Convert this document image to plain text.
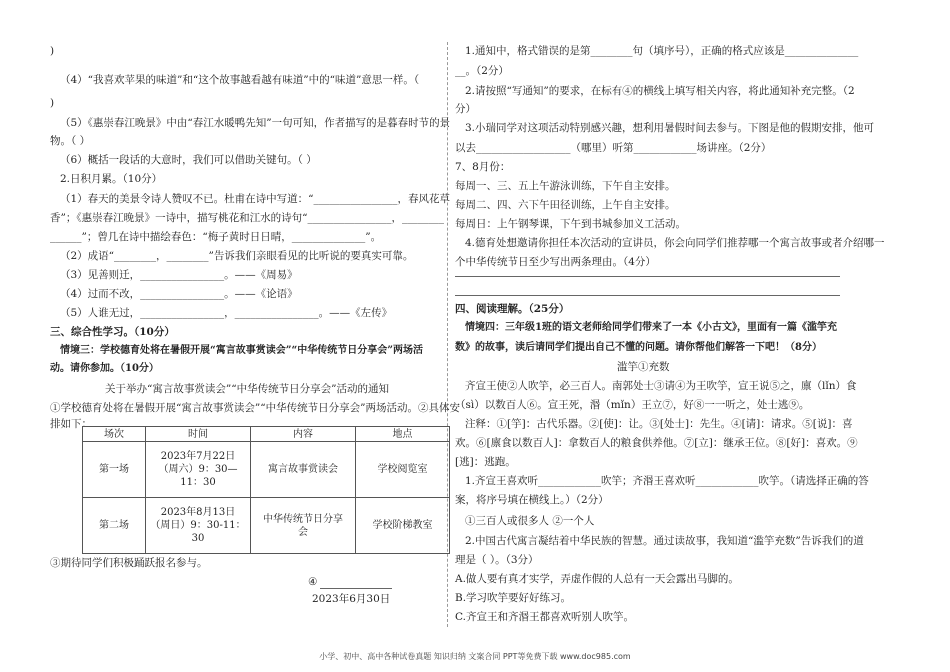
)
（4）“我喜欢苹果的味道”和“这个故事越看越有味道”中的“味道”意思一样。（
)
（5）《惠崇春江晚景》中由“春江水暖鸭先知”一句可知，作者描写的是暮春时节的景
物。（ ）
（6）概括一段话的大意时，我们可以借助关键句。（ ）
2.日积月累。（10分）
（1）春天的美景令诗人赞叹不已。杜甫在诗中写道：“________________，春风花草
香”；《惠崇春江晚景》一诗中，描写桃花和江水的诗句“________________，________
______”；曾几在诗中描绘春色：“梅子黄时日日晴，______________”。
（2）成语“________，________”告诉我们亲眼看见的比听说的要真实可靠。
（3）见善则迁，________________。——《周易》
（4）过而不改，________________。——《论语》
（5）人谁无过，________________，________________。——《左传》
三、综合性学习。（10分）
情境三：学校德育处将在暑假开展“寓言故事赏读会”“中华传统节日分享会”两场活
动。请你参加。（10分）
关于举办“寓言故事赏读会”“中华传统节日分享会”活动的通知
①学校德育处将在暑假开展“寓言故事赏读会”“中华传统节日分享会”两场活动。②具体安
排如下：
场次	时间	内容	地点
第一场	2023年7月22日
（周六）9：30—
11：30	寓言故事赏读会	学校阅览室
第二场	2023年8月13日
（周日）9：30-11：
30	中华传统节日分享会	学校阶梯教室
③期待同学们积极踊跃报名参与。
④
2023年6月30日
1.通知中，格式错误的是第________句（填序号），正确的格式应该是______________
__。（2分）
2.请按照“写通知”的要求，在标有④的横线上填写相关内容，将此通知补充完整。（2
分）
3.小瑞同学对这项活动特别感兴趣，想利用暑假时间去参与。下图是他的假期安排，他可
以去__________________（哪里）听第____________场讲座。（2分）
7、8月份：
每周一、三、五上午游泳训练，下午自主安排。
每周二、四、六下午田径训练，上午自主安排。
每周日：上午钢琴课，下午到书城参加义工活动。
4.德育处想邀请你担任本次活动的宣讲员，你会向同学们推荐哪一个寓言故事或者介绍哪一
个中华传统节日至少写出两条理由。（4分）
四、阅读理解。（25分）
情境四：三年级1班的语文老师给同学们带来了一本《小古文》，里面有一篇《滥竽充
数》的故事，读后请同学们提出自己不懂的问题。请你帮他们解答一下吧！（8分）
滥竽①充数
齐宣王使②人吹竽，必三百人。南郭处士③请④为王吹竽，宣王说⑤之，廪（lǐn）食
（sì）以数百人⑥。宣王死，湣（mǐn）王立⑦，好⑧一一听之，处士逃⑨。
注释：①[竽]：古代乐器。②[使]：让。③[处士]：先生。④[请]：请求。⑤[说]：喜
欢。⑥[廪食以数百人]：拿数百人的粮食供养他。⑦[立]：继承王位。⑧[好]：喜欢。⑨
[逃]：逃跑。
1.齐宣王喜欢听____________吹竽；齐湣王喜欢听____________吹竽。（请选择正确的答
案，将序号填在横线上。）（2分）
①三百人或很多人 ②一个人
2.中国古代寓言凝结着中华民族的智慧。通过读故事，我知道“滥竽充数”告诉我们的道
理是（ ）。（3分）
A.做人要有真才实学，弄虚作假的人总有一天会露出马脚的。
B.学习吹竽要好好练习。
C.齐宣王和齐湣王都喜欢听别人吹竽。
小学、初中、高中各种试卷真题 知识归纳 文案合同 PPT等免费下载 www.doc985.com
